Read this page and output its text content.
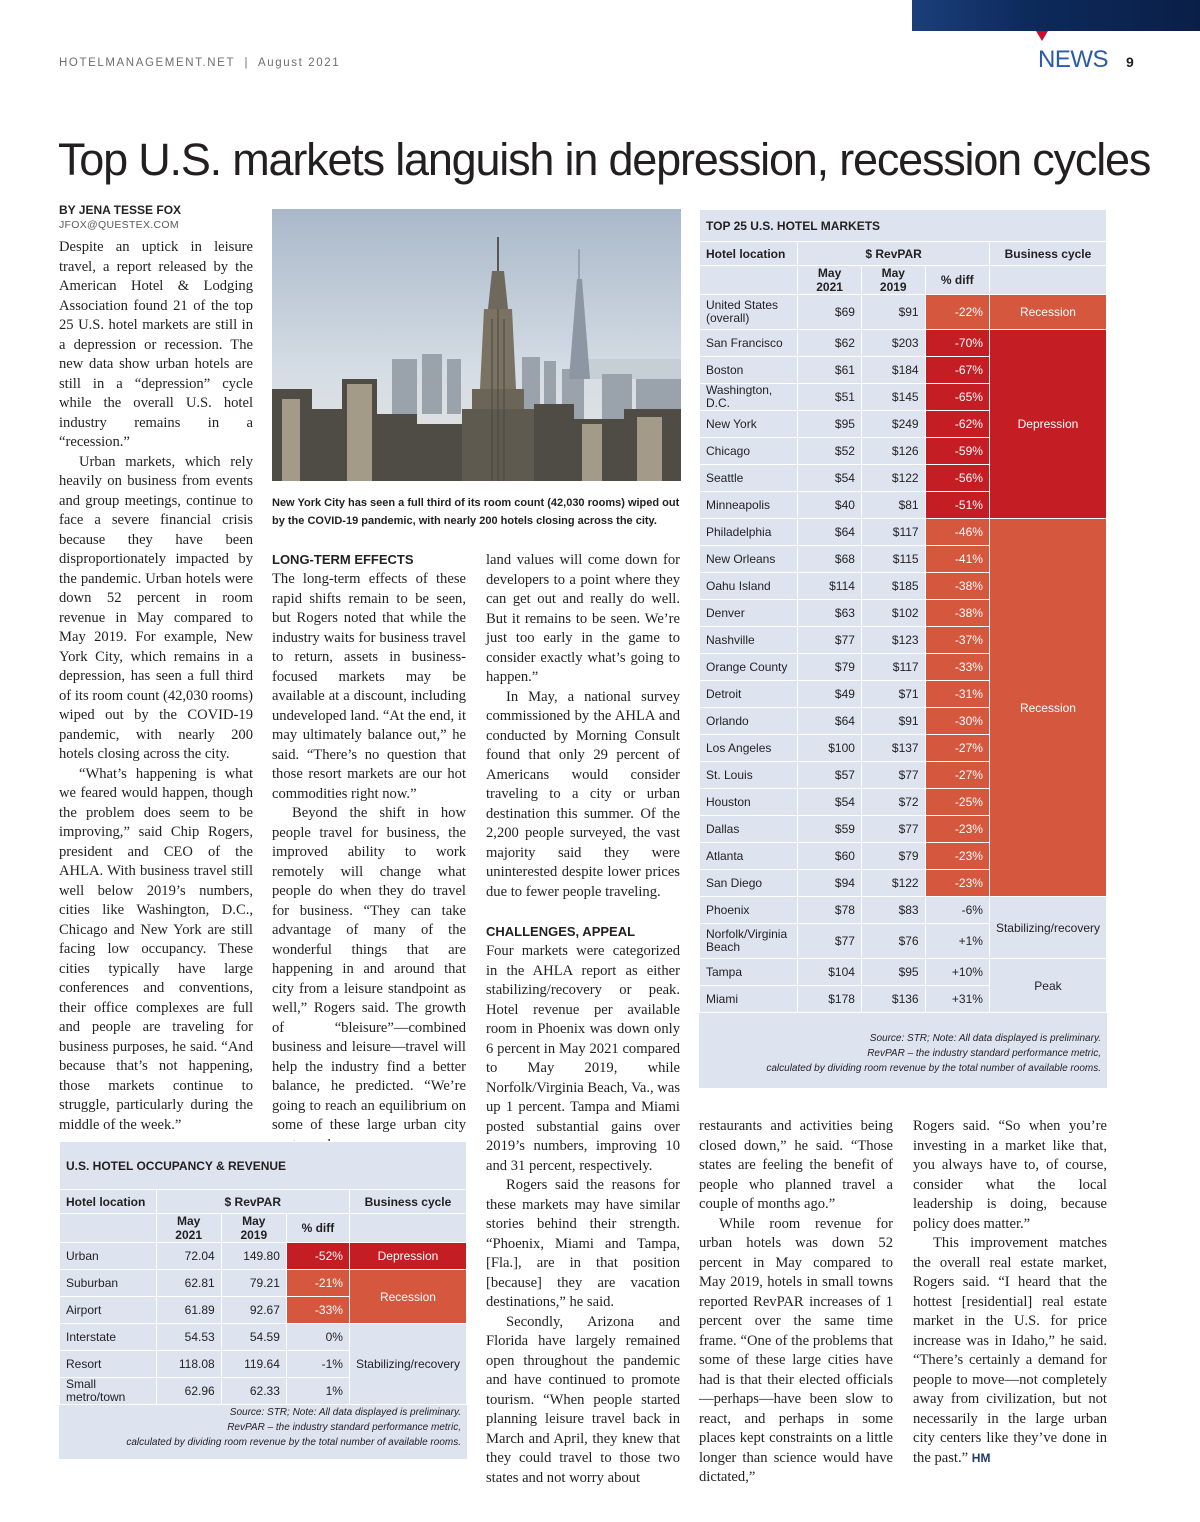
HOTELMANAGEMENT.NET  |  August 2021	NEWS 9
Top U.S. markets languish in depression, recession cycles
BY JENA TESSE FOX
JFOX@QUESTEX.COM

Despite an uptick in leisure travel, a report released by the American Hotel & Lodging Association found 21 of the top 25 U.S. hotel markets are still in a depression or recession. The new data show urban hotels are still in a “depression” cycle while the overall U.S. hotel industry remains in a “recession.”

Urban markets, which rely heavily on business from events and group meetings, continue to face a severe financial crisis because they have been disproportionately impacted by the pandemic. Urban hotels were down 52 percent in room revenue in May compared to May 2019. For example, New York City, which remains in a depression, has seen a full third of its room count (42,030 rooms) wiped out by the COVID-19 pandemic, with nearly 200 hotels closing across the city.

“What’s happening is what we feared would happen, though the problem does seem to be improving,” said Chip Rogers, president and CEO of the AHLA. With business travel still well below 2019’s numbers, cities like Washington, D.C., Chicago and New York are still facing low occupancy. These cities typically have large conferences and conventions, their office complexes are full and people are traveling for business purposes, he said. “And because that’s not happening, those markets continue to struggle, particularly during the middle of the week.”

New York City has seen a full third of its room count (42,030 rooms) wiped out by the COVID-19 pandemic, with nearly 200 hotels closing across the city.
LONG-TERM EFFECTS

The long-term effects of these rapid shifts remain to be seen, but Rogers noted that while the industry waits for business travel to return, assets in business-focused markets may be available at a discount, including undeveloped land. “At the end, it may ultimately balance out,” he said. “There’s no question that those resort markets are our hot commodities right now.”

Beyond the shift in how people travel for business, the improved ability to work remotely will change what people do when they do travel for business. “They can take advantage of many of the wonderful things that are happening in and around that city from a leisure standpoint as well,” Rogers said. The growth of “bleisure”—combined business and leisure—travel will help the industry find a better balance, he predicted. “We’re going to reach an equilibrium on some of these large urban city

land values will come down for developers to a point where they can get out and really do well. But it remains to be seen. We’re just too early in the game to consider exactly what’s going to happen.”

In May, a national survey commissioned by the AHLA and conducted by Morning Consult found that only 29 percent of Americans would consider traveling to a city or urban destination this summer. Of the 2,200 people surveyed, the vast majority said they were uninterested despite lower prices due to fewer people traveling.

CHALLENGES, APPEAL

Four markets were categorized in the AHLA report as either stabilizing/recovery or peak. Hotel revenue per available room in Phoenix was down only 6 percent in May 2021 compared to May 2019, while Norfolk/Virginia Beach, Va., was up 1 percent. Tampa and Miami posted substantial gains over 2019’s numbers, improving 10 and 31 percent, respectively.

Rogers said the reasons for these markets may have similar stories behind their strength. “Phoenix, Miami and Tampa, [Fla.], are in that position [because] they are vacation destinations,” he said.

Secondly, Arizona and Florida have largely remained open throughout the pandemic and have continued to promote tourism. “When people started planning leisure travel back in March and April, they knew that they could travel to those two states and not worry about

restaurants and activities being closed down,” he said. “Those states are feeling the benefit of people who planned travel a couple of months ago.”

While room revenue for urban hotels was down 52 percent in May compared to May 2019, hotels in small towns reported RevPAR increases of 1 percent over the same time frame. “One of the problems that some of these large cities have had is that their elected officials—perhaps—have been slow to react, and perhaps in some places kept constraints on a little longer than science would have dictated,”

Rogers said. “So when you’re investing in a market like that, you always have to, of course, consider what the local leadership is doing, because policy does matter.”

This improvement matches the overall real estate market, Rogers said. “I heard that the hottest [residential] real estate market in the U.S. for price increase was in Idaho,” he said. “There’s certainly a demand for people to move—not completely away from civilization, but not necessarily in the large urban city centers like they’ve done in the past.” HM

TOP 25 U.S. HOTEL MARKETS				
Hotel location	$ RevPAR			Business cycle
	May 2021	May 2019	% diff	
United States (overall)	$69	$91	-22%	Recession
San Francisco	$62	$203	-70%	Depression
Boston	$61	$184	-67%	
Washington, D.C.	$51	$145	-65%	
New York	$95	$249	-62%	
Chicago	$52	$126	-59%	
Seattle	$54	$122	-56%	
Minneapolis	$40	$81	-51%	
Philadelphia	$64	$117	-46%	Recession
New Orleans	$68	$115	-41%	
Oahu Island	$114	$185	-38%	
Denver	$63	$102	-38%	
Nashville	$77	$123	-37%	
Orange County	$79	$117	-33%	
Detroit	$49	$71	-31%	
Orlando	$64	$91	-30%	
Los Angeles	$100	$137	-27%	
St. Louis	$57	$77	-27%	
Houston	$54	$72	-25%	
Dallas	$59	$77	-23%	
Atlanta	$60	$79	-23%	
San Diego	$94	$122	-23%	
Phoenix	$78	$83	-6%	Stabilizing/recovery
Norfolk/Virginia Beach	$77	$76	+1%	
Tampa	$104	$95	+10%	Peak
Miami	$178	$136	+31%	
Source: STR; Note: All data displayed is preliminary.
RevPAR – the industry standard performance metric,
calculated by dividing room revenue by the total number of available rooms.
U.S. HOTEL OCCUPANCY & REVENUE				
Hotel location	$ RevPAR			Business cycle
	May 2021	May 2019	% diff	
Urban	72.04	149.80	-52%	Depression
Suburban	62.81	79.21	-21%	Recession
Airport	61.89	92.67	-33%	
Interstate	54.53	54.59	0%	Stabilizing/recovery
Resort	118.08	119.64	-1%	
Small metro/town	62.96	62.33	1%	
Source: STR; Note: All data displayed is preliminary.
RevPAR – the industry standard performance metric,
calculated by dividing room revenue by the total number of available rooms.
